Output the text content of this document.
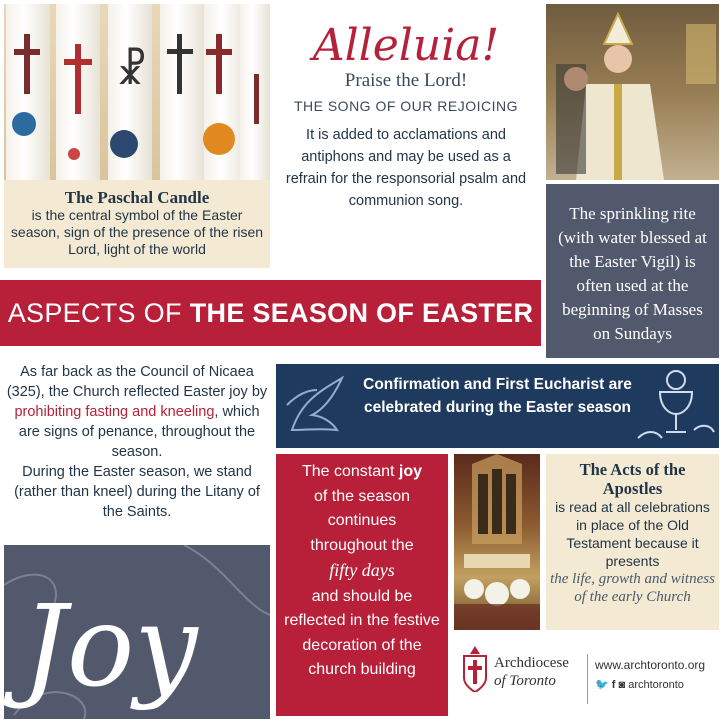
☧
The Paschal Candle
is the central symbol of the Easter season, sign of the presence of the risen Lord, light of the world
Alleluia!
Praise the Lord!
THE SONG OF OUR REJOICING
It is added to acclamations and antiphons and may be used as a refrain for the responsorial psalm and communion song.
The sprinkling rite (with water blessed at the Easter Vigil) is often used at the beginning of Masses on Sundays
ASPECTS OF THE SEASON OF EASTER
As far back as the Council of Nicaea (325), the Church reflected Easter joy by prohibiting fasting and kneeling, which are signs of penance, throughout the season.
During the Easter season, we stand (rather than kneel) during the Litany of the Saints.
Confirmation and First Eucharist are celebrated during the Easter season
The constant joy
of the season continues throughout the
fifty days
and should be reflected in the festive decoration of the church building
The Acts of the Apostles
is read at all celebrations in place of the Old Testament because it presents
the life, growth and witness of the early Church
Joy	Archdiocese
of Toronto
www.archtoronto.org
🐦 f ◙ archtoronto
